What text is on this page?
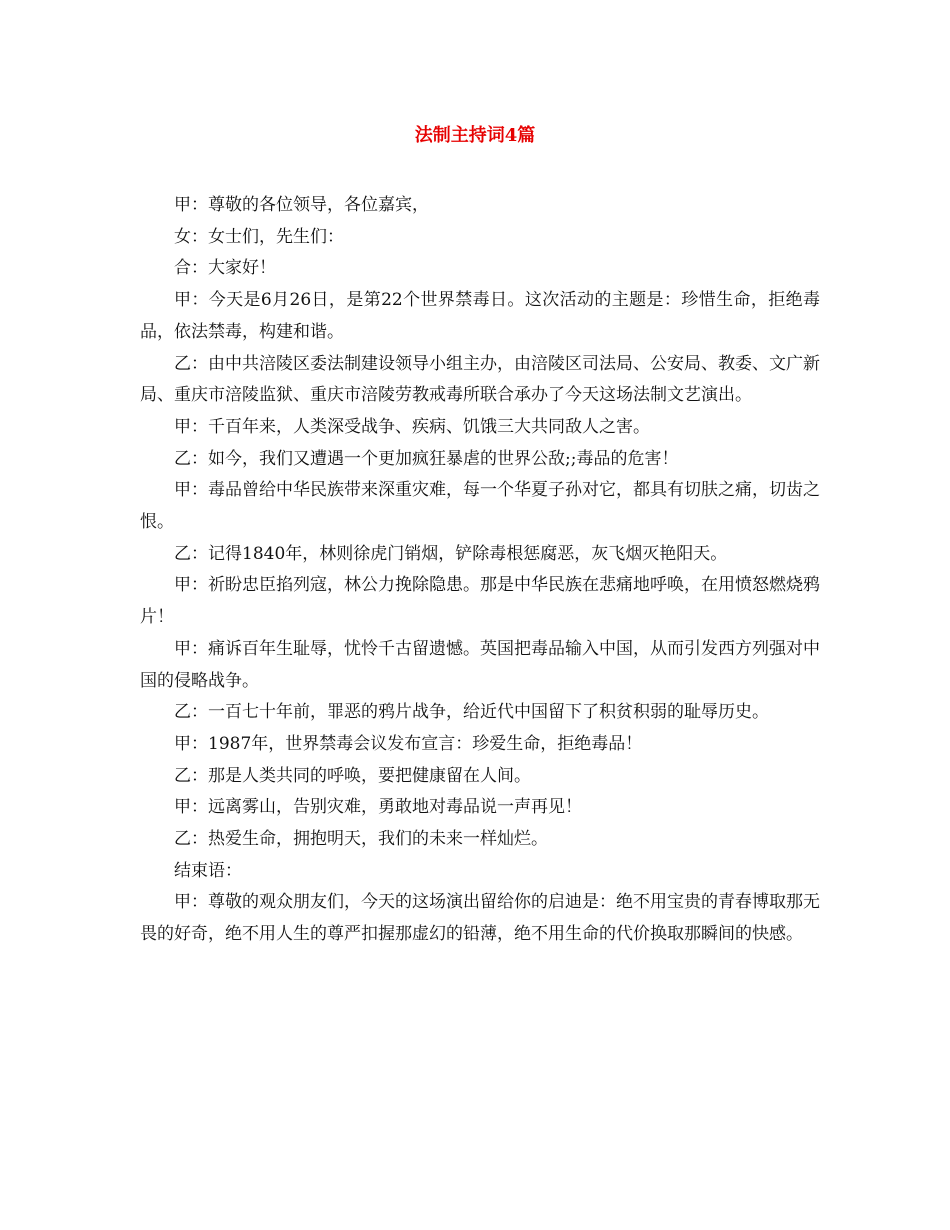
法制主持词4篇

甲：尊敬的各位领导，各位嘉宾，

女：女士们，先生们：

合：大家好！

甲：今天是6月26日，是第22个世界禁毒日。这次活动的主题是：珍惜生命，拒绝毒品，依法禁毒，构建和谐。

乙：由中共涪陵区委法制建设领导小组主办，由涪陵区司法局、公安局、教委、文广新局、重庆市涪陵监狱、重庆市涪陵劳教戒毒所联合承办了今天这场法制文艺演出。

甲：千百年来，人类深受战争、疾病、饥饿三大共同敌人之害。

乙：如今，我们又遭遇一个更加疯狂暴虐的世界公敌;;毒品的危害！

甲：毒品曾给中华民族带来深重灾难，每一个华夏子孙对它，都具有切肤之痛，切齿之恨。

乙：记得1840年，林则徐虎门销烟，铲除毒根惩腐恶，灰飞烟灭艳阳天。

甲：祈盼忠臣掐列寇，林公力挽除隐患。那是中华民族在悲痛地呼唤，在用愤怒燃烧鸦片！

甲：痛诉百年生耻辱，忧怜千古留遗憾。英国把毒品输入中国，从而引发西方列强对中国的侵略战争。

乙：一百七十年前，罪恶的鸦片战争，给近代中国留下了积贫积弱的耻辱历史。

甲：1987年，世界禁毒会议发布宣言：珍爱生命，拒绝毒品！

乙：那是人类共同的呼唤，要把健康留在人间。

甲：远离雾山，告别灾难，勇敢地对毒品说一声再见！

乙：热爱生命，拥抱明天，我们的未来一样灿烂。

结束语：

甲：尊敬的观众朋友们，今天的这场演出留给你的启迪是：绝不用宝贵的青春博取那无畏的好奇，绝不用人生的尊严扣握那虚幻的铅薄，绝不用生命的代价换取那瞬间的快感。
